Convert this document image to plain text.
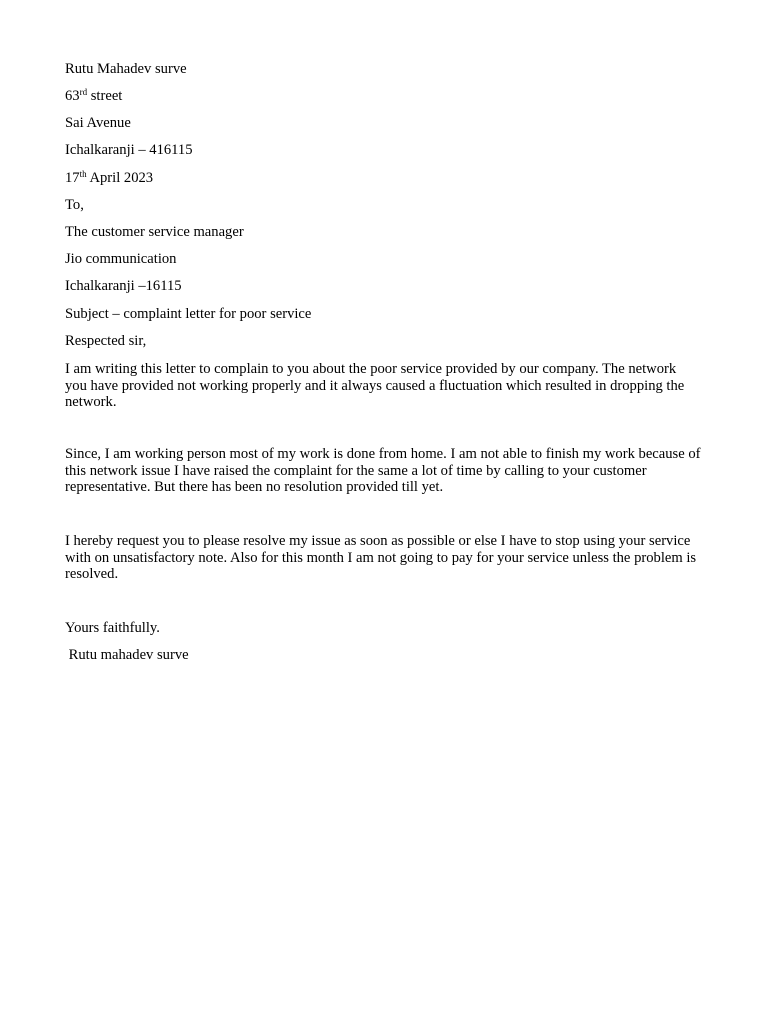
Rutu Mahadev surve
63rd street
Sai Avenue
Ichalkaranji – 416115
17th April 2023
To,
The customer service manager
Jio communication
Ichalkaranji –16115
Subject – complaint letter for poor service
Respected sir,
I am writing this letter to complain to you about the poor service provided by our company. The network
you have provided not working properly and it always caused a fluctuation which resulted in dropping the
network.
Since, I am working person most of my work is done from home. I am not able to finish my work because of
this network issue I have raised the complaint for the same a lot of time by calling to your customer
representative. But there has been no resolution provided till yet.
I hereby request you to please resolve my issue as soon as possible or else I have to stop using your service
with on unsatisfactory note. Also for this month I am not going to pay for your service unless the problem is
resolved.
Yours faithfully.
Rutu mahadev surve
